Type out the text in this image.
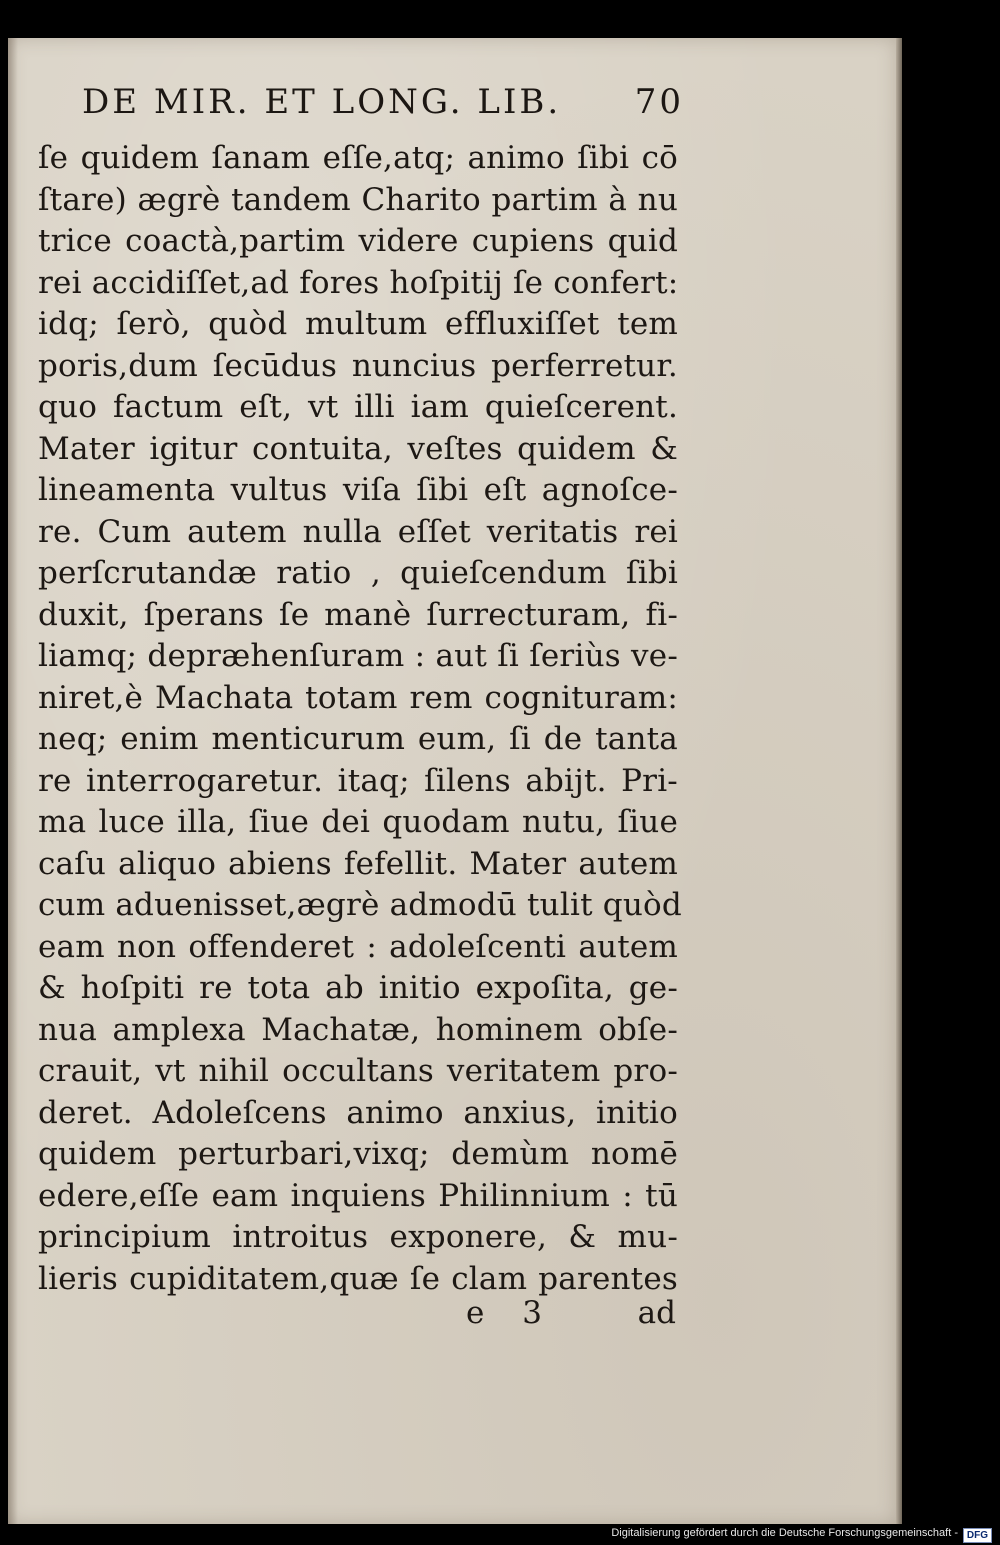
DE MIR. ET LONG. LIB. 70
ſe quidem ſanam eſſe,atq; animo ſibi cō
ſtare) ægrè tandem Charito partim à nu
trice coactà,partim videre cupiens quid
rei accidiſſet,ad fores hoſpitij ſe confert:
idq; ſerò, quòd multum effluxiſſet tem
poris,dum ſecūdus nuncius perferretur.
quo factum eſt, vt illi iam quieſcerent.
Mater igitur contuita, veſtes quidem &
lineamenta vultus viſa ſibi eſt agnoſce-
re. Cum autem nulla eſſet veritatis rei
perſcrutandæ ratio , quieſcendum ſibi
duxit, ſperans ſe manè ſurrecturam, fi-
liamq; depræhenſuram : aut ſi ſeriùs ve-
niret,è Machata totam rem cognituram:
neq; enim menticurum eum, ſi de tanta
re interrogaretur. itaq; ſilens abijt. Pri-
ma luce illa, ſiue dei quodam nutu, ſiue
caſu aliquo abiens fefellit. Mater autem
cum aduenisset,ægrè admodū tulit quòd
eam non offenderet : adoleſcenti autem
& hoſpiti re tota ab initio expoſita, ge-
nua amplexa Machatæ, hominem obſe-
crauit, vt nihil occultans veritatem pro-
deret. Adoleſcens animo anxius, initio
quidem perturbari,vixq; demùm nomē
edere,eſſe eam inquiens Philinnium : tū
principium introitus exponere, & mu-
lieris cupiditatem,quæ ſe clam parentes
e 3	ad
Digitalisierung gefördert durch die Deutsche Forschungsgemeinschaft - DFG
